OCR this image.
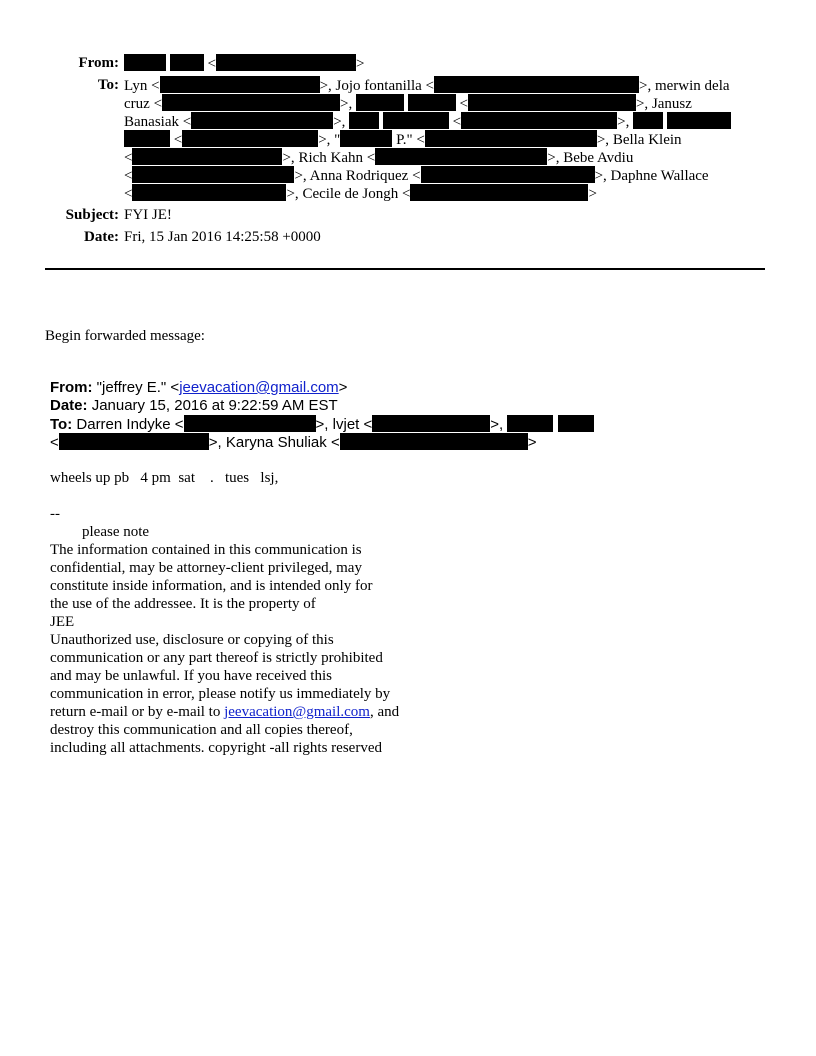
From:	<	>
To: Lyn <	>, Jojo fontanilla <	>, merwin dela
cruz <	>,	<	>, Janusz
Banasiak <	>,	<	>,
<	>, "	P." <	>, Bella Klein
<	>, Rich Kahn <	>, Bebe Avdiu
<	>, Anna Rodriquez <	>, Daphne Wallace
<	>, Cecile de Jongh <	>
Subject: FYI JE!
Date: Fri, 15 Jan 2016 14:25:58 +0000
Begin forwarded message:
From: "jeffrey E." <jeevacation@gmail.com>
Date: January 15, 2016 at 9:22:59 AM EST
To: Darren Indyke <	>, lvjet <	>,
<	>, Karyna Shuliak <	>
wheels up pb   4 pm  sat    .   tues   lsj,
--
please note
The information contained in this communication is
confidential, may be attorney-client privileged, may
constitute inside information, and is intended only for
the use of the addressee. It is the property of
JEE
Unauthorized use, disclosure or copying of this
communication or any part thereof is strictly prohibited
and may be unlawful. If you have received this
communication in error, please notify us immediately by
return e-mail or by e-mail to jeevacation@gmail.com, and
destroy this communication and all copies thereof,
including all attachments. copyright -all rights reserved
